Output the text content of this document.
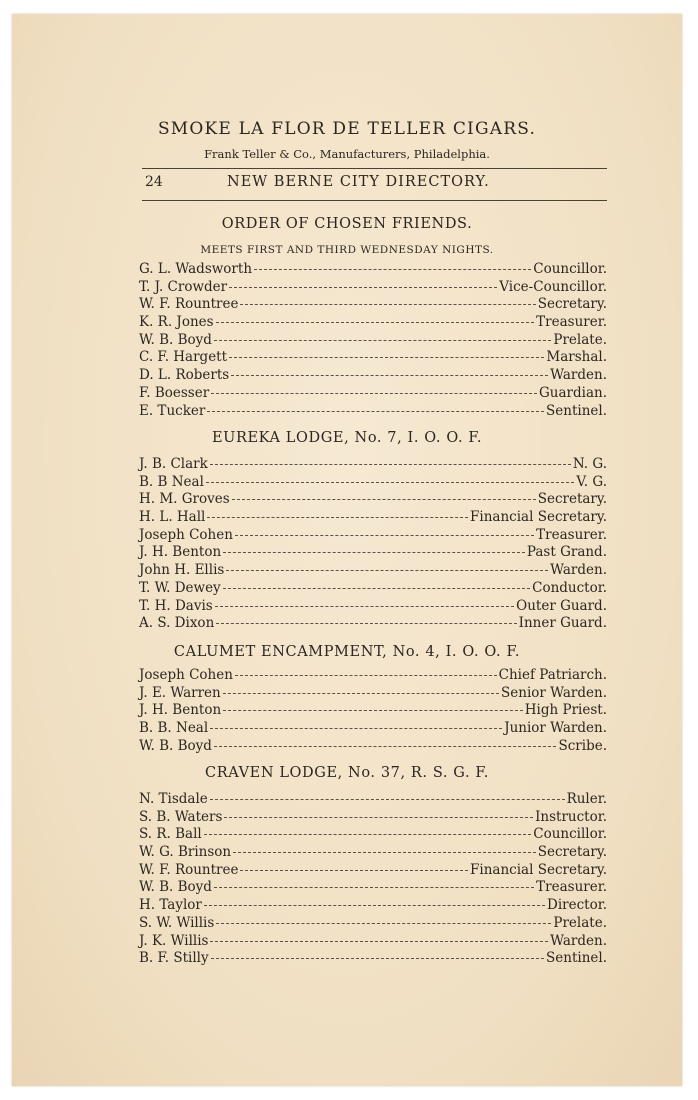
SMOKE LA FLOR DE TELLER CIGARS.
Frank Teller & Co., Manufacturers, Philadelphia.
24	NEW BERNE CITY DIRECTORY.
ORDER OF CHOSEN FRIENDS.
MEETS FIRST AND THIRD WEDNESDAY NIGHTS.
G. L. Wadsworth	Councillor.
T. J. Crowder	Vice-Councillor.
W. F. Rountree	Secretary.
K. R. Jones	Treasurer.
W. B. Boyd	Prelate.
C. F. Hargett	Marshal.
D. L. Roberts	Warden.
F. Boesser	Guardian.
E. Tucker	Sentinel.
EUREKA LODGE, No. 7, I. O. O. F.
J. B. Clark	N. G.
B. B Neal	V. G.
H. M. Groves	Secretary.
H. L. Hall	Financial Secretary.
Joseph Cohen	Treasurer.
J. H. Benton	Past Grand.
John H. Ellis	Warden.
T. W. Dewey	Conductor.
T. H. Davis	Outer Guard.
A. S. Dixon	Inner Guard.
CALUMET ENCAMPMENT, No. 4, I. O. O. F.
Joseph Cohen	Chief Patriarch.
J. E. Warren	Senior Warden.
J. H. Benton	High Priest.
B. B. Neal	Junior Warden.
W. B. Boyd	Scribe.
CRAVEN LODGE, No. 37, R. S. G. F.
N. Tisdale	Ruler.
S. B. Waters	Instructor.
S. R. Ball	Councillor.
W. G. Brinson	Secretary.
W. F. Rountree	Financial Secretary.
W. B. Boyd	Treasurer.
H. Taylor	Director.
S. W. Willis	Prelate.
J. K. Willis	Warden.
B. F. Stilly	Sentinel.
